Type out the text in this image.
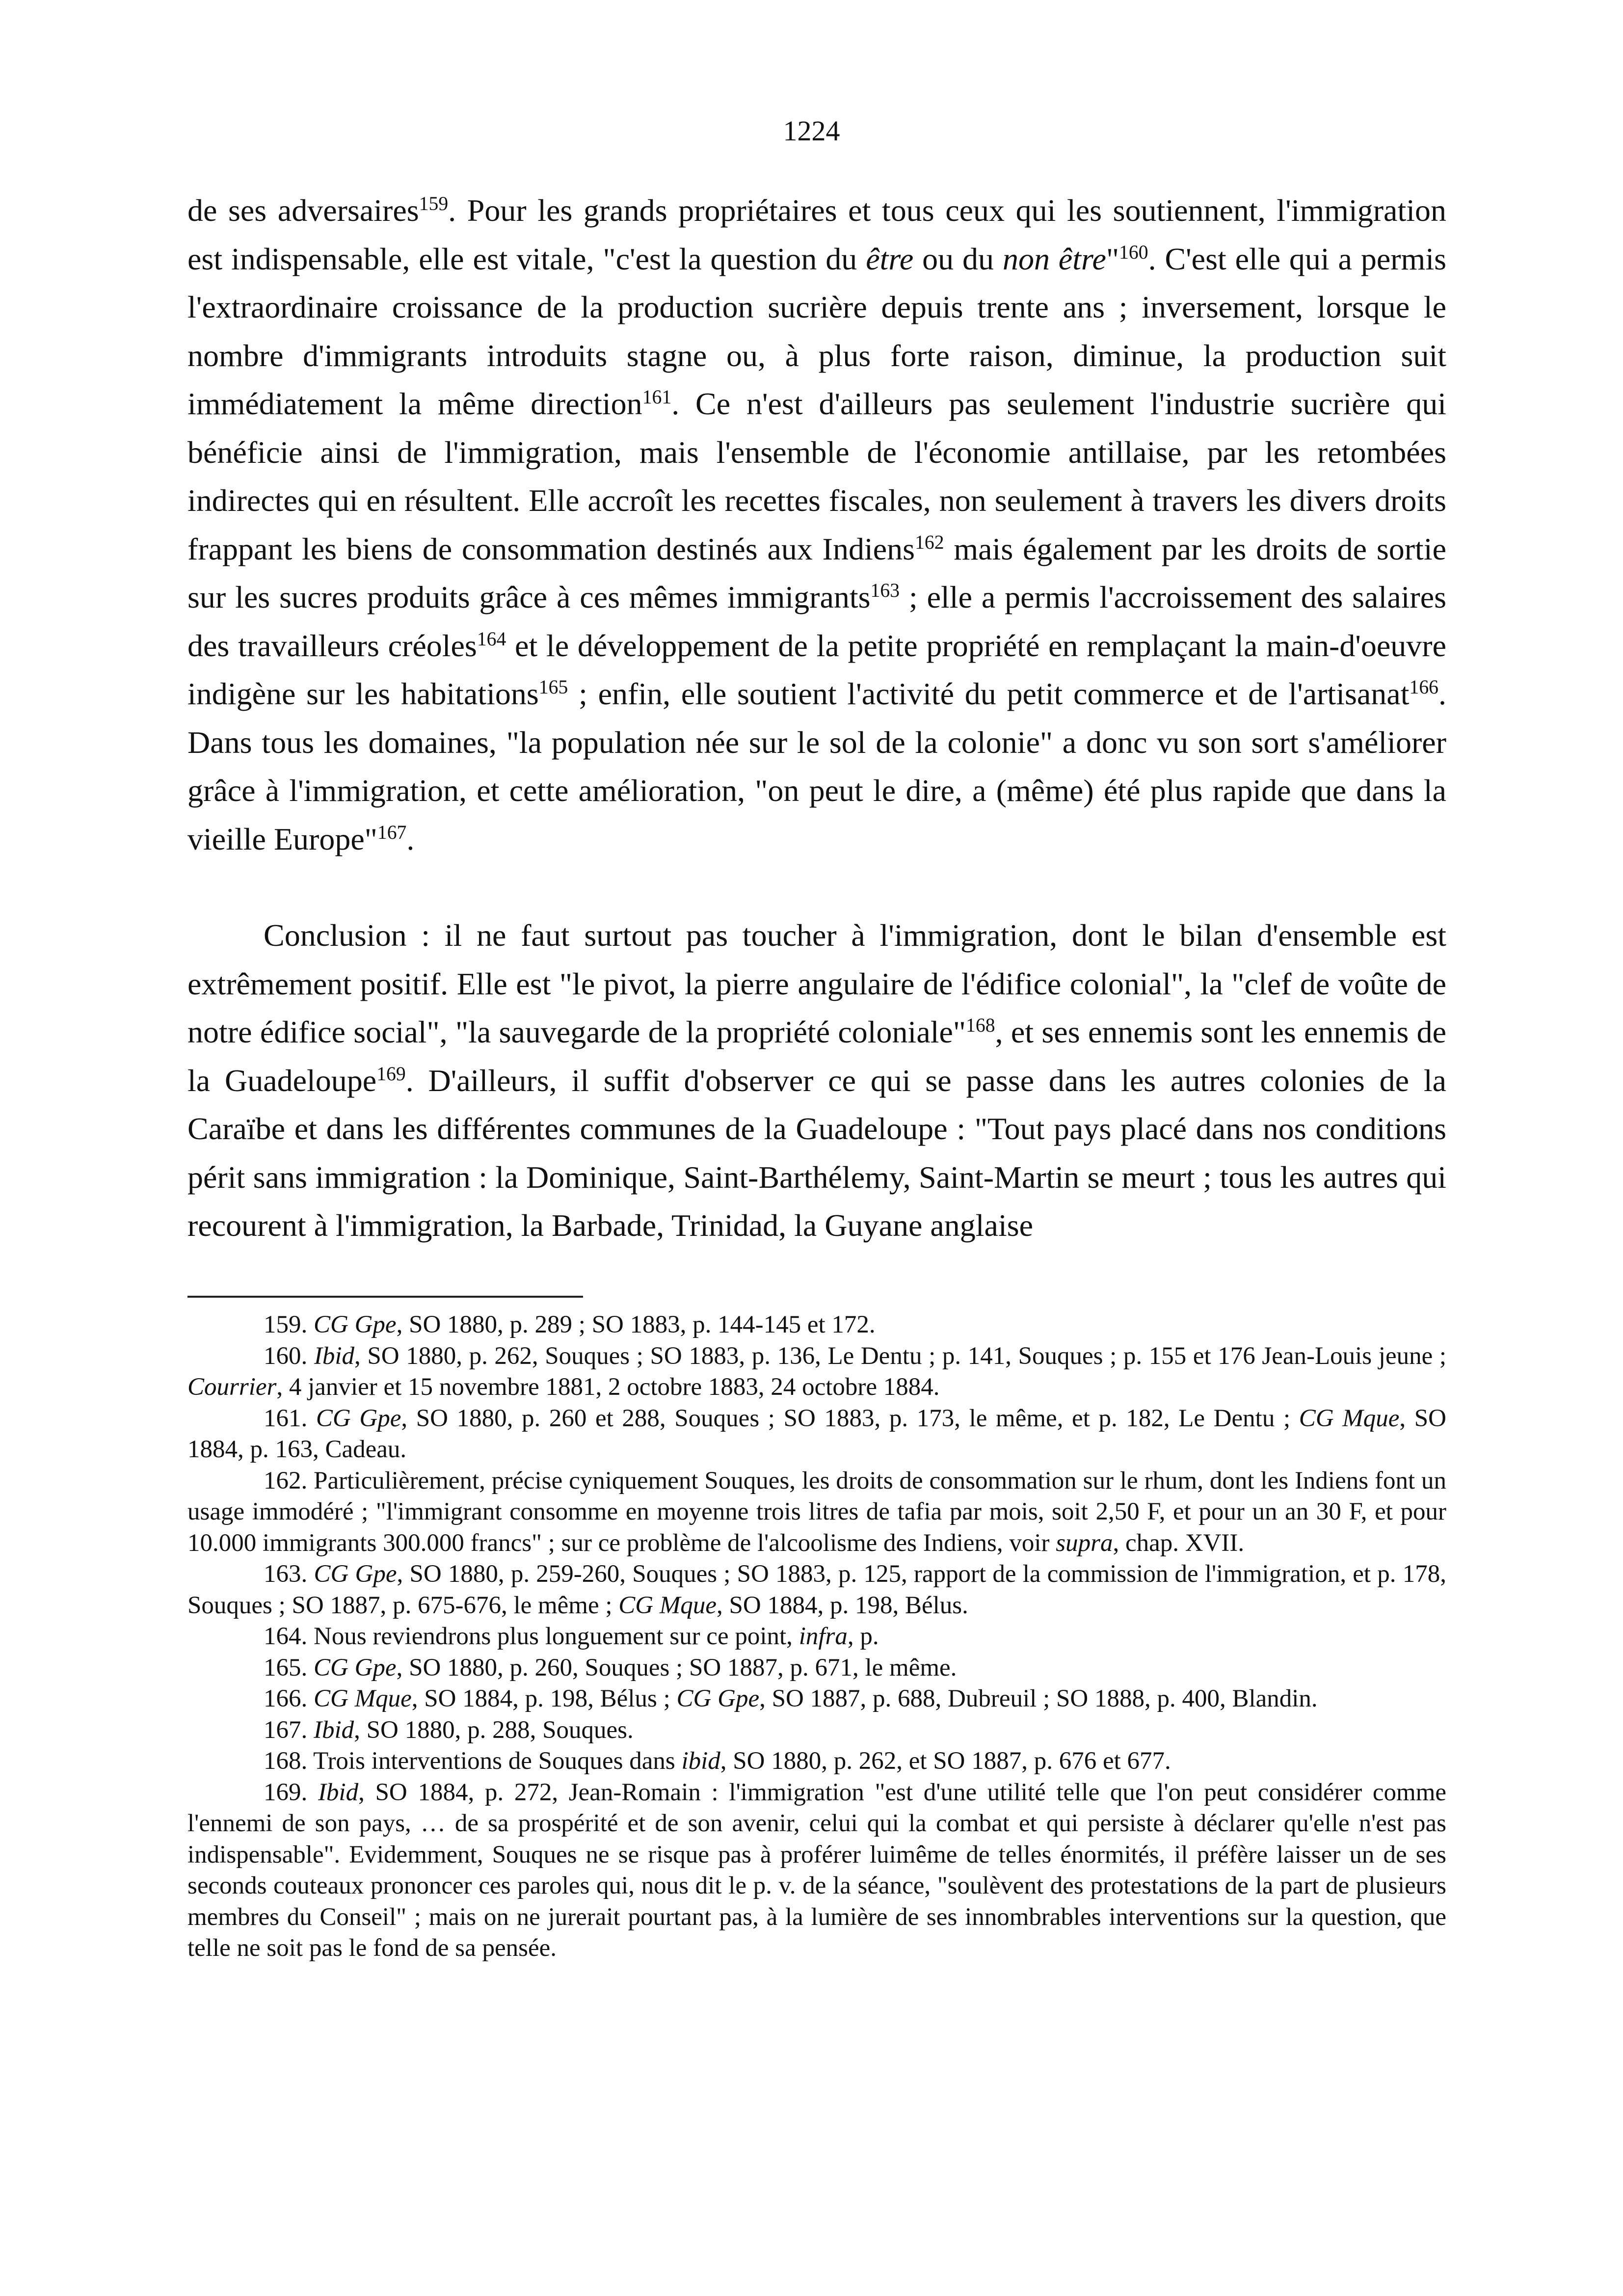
1224

de ses adversaires$^{159}$. Pour les grands propriétaires et tous ceux qui les soutiennent, l'immigration est indispensable, elle est vitale, "c'est la question du être ou du non être"$^{160}$. C'est elle qui a permis l'extraordinaire croissance de la production sucrière depuis trente ans ; inversement, lorsque le nombre d'immigrants introduits stagne ou, à plus forte raison, diminue, la production suit immédiatement la même direction$^{161}$. Ce n'est d'ailleurs pas seulement l'industrie sucrière qui bénéficie ainsi de l'immigration, mais l'ensemble de l'économie antillaise, par les retombées indirectes qui en résultent. Elle accroît les recettes fiscales, non seulement à travers les divers droits frappant les biens de consommation destinés aux Indiens$^{162}$ mais également par les droits de sortie sur les sucres produits grâce à ces mêmes immigrants$^{163}$ ; elle a permis l'accroissement des salaires des travailleurs créoles$^{164}$ et le développement de la petite propriété en remplaçant la main-d'oeuvre indigène sur les habitations$^{165}$ ; enfin, elle soutient l'activité du petit commerce et de l'artisanat$^{166}$. Dans tous les domaines, "la population née sur le sol de la colonie" a donc vu son sort s'améliorer grâce à l'immigration, et cette amélioration, "on peut le dire, a (même) été plus rapide que dans la vieille Europe"$^{167}$.

Conclusion : il ne faut surtout pas toucher à l'immigration, dont le bilan d'ensemble est extrêmement positif. Elle est "le pivot, la pierre angulaire de l'édifice colonial", la "clef de voûte de notre édifice social", "la sauvegarde de la propriété coloniale"$^{168}$, et ses ennemis sont les ennemis de la Guadeloupe$^{169}$. D'ailleurs, il suffit d'observer ce qui se passe dans les autres colonies de la Caraïbe et dans les différentes communes de la Guadeloupe : "Tout pays placé dans nos conditions périt sans immigration : la Dominique, Saint-Barthélemy, Saint-Martin se meurt ; tous les autres qui recourent à l'immigration, la Barbade, Trinidad, la Guyane anglaise

159. CG Gpe, SO 1880, p. 289 ; SO 1883, p. 144-145 et 172.

160. Ibid, SO 1880, p. 262, Souques ; SO 1883, p. 136, Le Dentu ; p. 141, Souques ; p. 155 et 176 Jean-Louis jeune ; Courrier, 4 janvier et 15 novembre 1881, 2 octobre 1883, 24 octobre 1884.

161. CG Gpe, SO 1880, p. 260 et 288, Souques ; SO 1883, p. 173, le même, et p. 182, Le Dentu ; CG Mque, SO 1884, p. 163, Cadeau.

162. Particulièrement, précise cyniquement Souques, les droits de consommation sur le rhum, dont les Indiens font un usage immodéré ; "l'immigrant consomme en moyenne trois litres de tafia par mois, soit 2,50 F, et pour un an 30 F, et pour 10.000 immigrants 300.000 francs" ; sur ce problème de l'alcoolisme des Indiens, voir supra, chap. XVII.

163. CG Gpe, SO 1880, p. 259-260, Souques ; SO 1883, p. 125, rapport de la commission de l'immigration, et p. 178, Souques ; SO 1887, p. 675-676, le même ; CG Mque, SO 1884, p. 198, Bélus.

164. Nous reviendrons plus longuement sur ce point, infra, p.

165. CG Gpe, SO 1880, p. 260, Souques ; SO 1887, p. 671, le même.

166. CG Mque, SO 1884, p. 198, Bélus ; CG Gpe, SO 1887, p. 688, Dubreuil ; SO 1888, p. 400, Blandin.

167. Ibid, SO 1880, p. 288, Souques.

168. Trois interventions de Souques dans ibid, SO 1880, p. 262, et SO 1887, p. 676 et 677.

169. Ibid, SO 1884, p. 272, Jean-Romain : l'immigration "est d'une utilité telle que l'on peut considérer comme l'ennemi de son pays, … de sa prospérité et de son avenir, celui qui la combat et qui persiste à déclarer qu'elle n'est pas indispensable". Evidemment, Souques ne se risque pas à proférer luimême de telles énormités, il préfère laisser un de ses seconds couteaux prononcer ces paroles qui, nous dit le p. v. de la séance, "soulèvent des protestations de la part de plusieurs membres du Conseil" ; mais on ne jurerait pourtant pas, à la lumière de ses innombrables interventions sur la question, que telle ne soit pas le fond de sa pensée.
